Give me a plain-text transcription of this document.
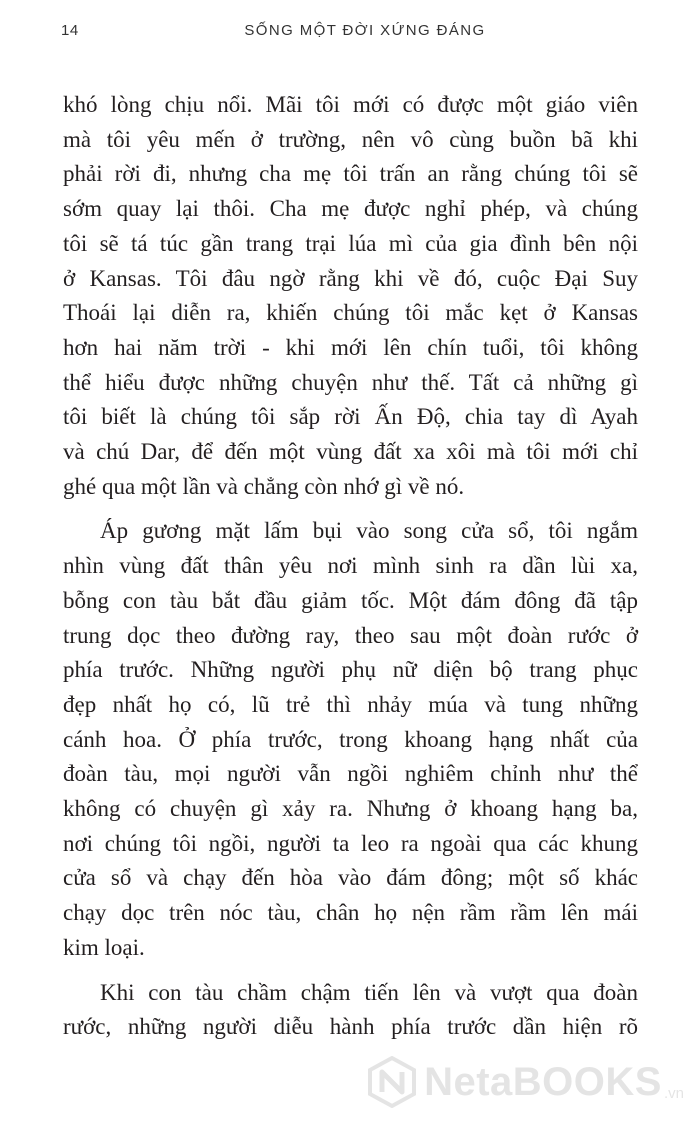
14	SỐNG MỘT ĐỜI XỨNG ĐÁNG
khó lòng chịu nổi. Mãi tôi mới có được một giáo viên
mà tôi yêu mến ở trường, nên vô cùng buồn bã khi
phải rời đi, nhưng cha mẹ tôi trấn an rằng chúng tôi sẽ
sớm quay lại thôi. Cha mẹ được nghỉ phép, và chúng
tôi sẽ tá túc gần trang trại lúa mì của gia đình bên nội
ở Kansas. Tôi đâu ngờ rằng khi về đó, cuộc Đại Suy
Thoái lại diễn ra, khiến chúng tôi mắc kẹt ở Kansas
hơn hai năm trời - khi mới lên chín tuổi, tôi không
thể hiểu được những chuyện như thế. Tất cả những gì
tôi biết là chúng tôi sắp rời Ấn Độ, chia tay dì Ayah
và chú Dar, để đến một vùng đất xa xôi mà tôi mới chỉ
ghé qua một lần và chẳng còn nhớ gì về nó.
Áp gương mặt lấm bụi vào song cửa sổ, tôi ngắm
nhìn vùng đất thân yêu nơi mình sinh ra dần lùi xa,
bỗng con tàu bắt đầu giảm tốc. Một đám đông đã tập
trung dọc theo đường ray, theo sau một đoàn rước ở
phía trước. Những người phụ nữ diện bộ trang phục
đẹp nhất họ có, lũ trẻ thì nhảy múa và tung những
cánh hoa. Ở phía trước, trong khoang hạng nhất của
đoàn tàu, mọi người vẫn ngồi nghiêm chỉnh như thể
không có chuyện gì xảy ra. Nhưng ở khoang hạng ba,
nơi chúng tôi ngồi, người ta leo ra ngoài qua các khung
cửa sổ và chạy đến hòa vào đám đông; một số khác
chạy dọc trên nóc tàu, chân họ nện rầm rầm lên mái
kim loại.
Khi con tàu chầm chậm tiến lên và vượt qua đoàn
rước, những người diễu hành phía trước dần hiện rõ
NetaBOOKS .vn
